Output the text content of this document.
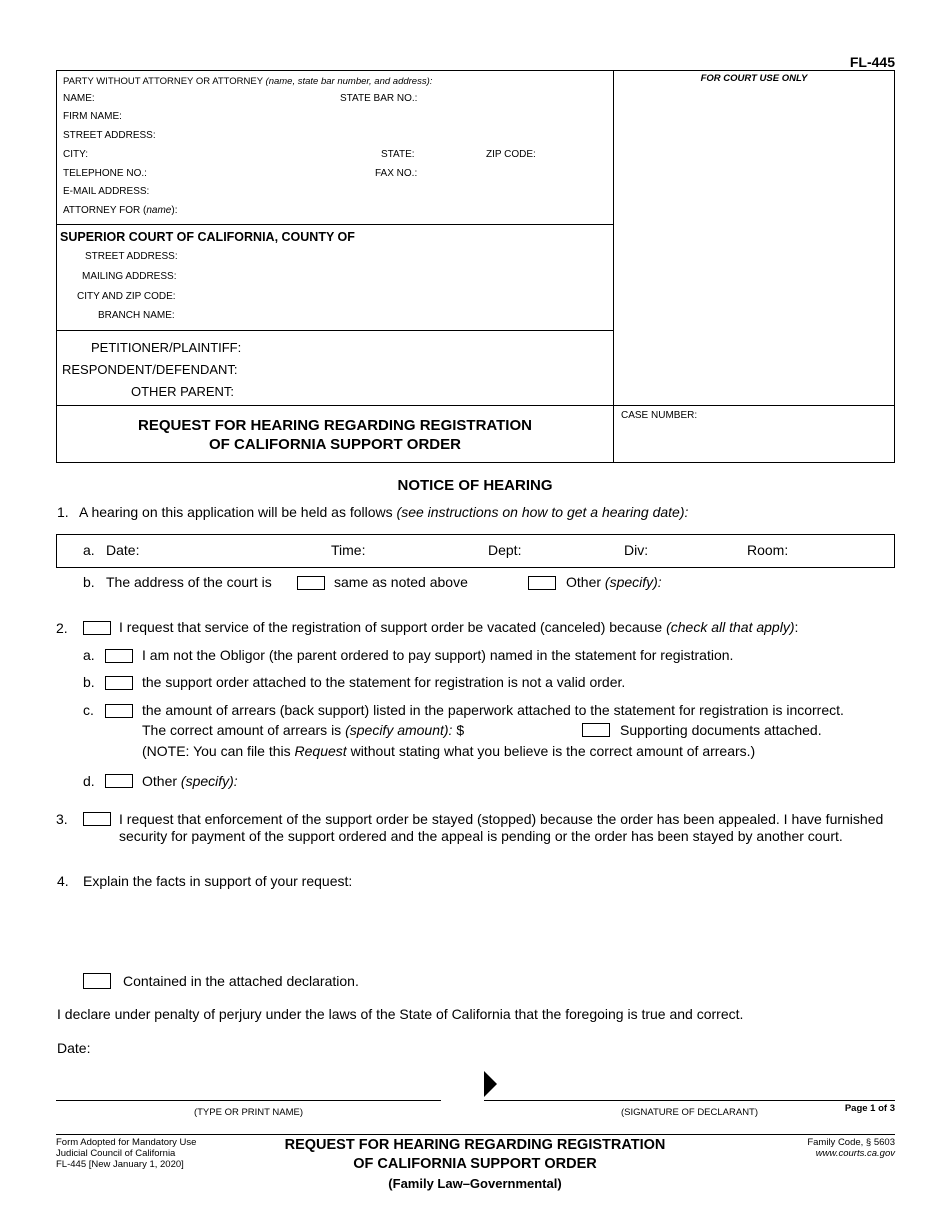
FL-445
PARTY WITHOUT ATTORNEY OR ATTORNEY (name, state bar number, and address):
NAME:	STATE BAR NO.:
FIRM NAME:
STREET ADDRESS:
CITY:	STATE:	ZIP CODE:
TELEPHONE NO.:	FAX NO.:
E-MAIL ADDRESS:
ATTORNEY FOR (name):
FOR COURT USE ONLY
SUPERIOR COURT OF CALIFORNIA, COUNTY OF
STREET ADDRESS:
MAILING ADDRESS:
CITY AND ZIP CODE:
BRANCH NAME:
PETITIONER/PLAINTIFF:
RESPONDENT/DEFENDANT:
OTHER PARENT:
REQUEST FOR HEARING REGARDING REGISTRATION
OF CALIFORNIA SUPPORT ORDER
CASE NUMBER:
NOTICE OF HEARING
1. A hearing on this application will be held as follows (see instructions on how to get a hearing date):
a. Date:	Time:	Dept:	Div:	Room:
b. The address of the court is	same as noted above	Other (specify):
2.	I request that service of the registration of support order be vacated (canceled) because (check all that apply):
a.	I am not the Obligor (the parent ordered to pay support) named in the statement for registration.
b.	the support order attached to the statement for registration is not a valid order.
c.	the amount of arrears (back support) listed in the paperwork attached to the statement for registration is incorrect.
The correct amount of arrears is (specify amount): $	Supporting documents attached.
(NOTE: You can file this Request without stating what you believe is the correct amount of arrears.)
d.	Other (specify):
3.	I request that enforcement of the support order be stayed (stopped) because the order has been appealed. I have furnished
security for payment of the support ordered and the appeal is pending or the order has been stayed by another court.
4. Explain the facts in support of your request:
Contained in the attached declaration.
I declare under penalty of perjury under the laws of the State of California that the foregoing is true and correct.
Date:
(TYPE OR PRINT NAME)	(SIGNATURE OF DECLARANT)	Page 1 of 3
Form Adopted for Mandatory Use
Judicial Council of California
FL-445 [New January 1, 2020]
REQUEST FOR HEARING REGARDING REGISTRATION
OF CALIFORNIA SUPPORT ORDER
(Family Law–Governmental)
Family Code, § 5603
www.courts.ca.gov
